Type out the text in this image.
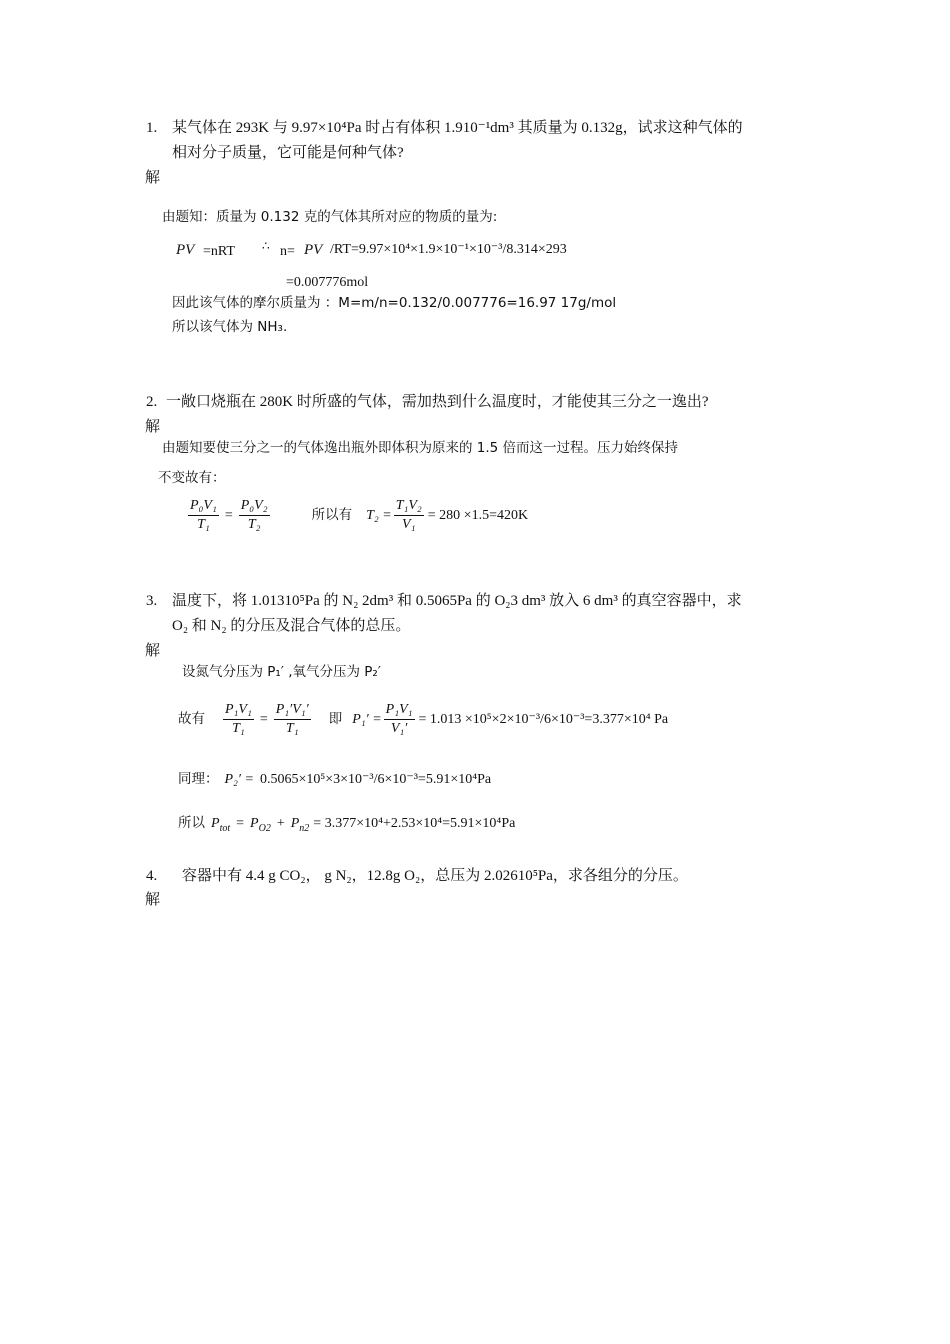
1. 某气体在 293K 与 9.97×10⁴Pa 时占有体积 1.910⁻¹dm³ 其质量为 0.132g，试求这种气体的
相对分子质量，它可能是何种气体?
解
由题知：质量为 0.132 克的气体其所对应的物质的量为:
PV =nRT ∴ n= PV /RT=9.97×10⁴×1.9×10⁻¹×10⁻³/8.314×293
=0.007776mol
因此该气体的摩尔质量为 ：M=m/n=0.132/0.007776=16.97 17g/mol
所以该气体为 NH₃.
2. 一敞口烧瓶在 280K 时所盛的气体，需加热到什么温度时，才能使其三分之一逸出?
解
由题知要使三分之一的气体逸出瓶外即体积为原来的 1.5 倍而这一过程。压力始终保持
不变故有：
$\frac{\text{P₀V₁}}{\text{T₁}} = \frac{\text{P₀V₂}}{\text{T₂}}$	所以有 $T_2 = \frac{\text{T₁V₂}}{\text{V₁}} = 280 \times 1.5=420K$
3. 温度下，将 1.01310⁵Pa 的 N₂ 2dm³ 和 0.5065Pa 的 O₂3 dm³ 放入 6 dm³ 的真空容器中，求
O₂ 和 N₂ 的分压及混合气体的总压。
解
设氮气分压为 P₁′ ,氧气分压为 P₂′
故有 $\frac{\text{P₁V₁}}{\text{T₁}} = \frac{\text{P₁′V₁′}}{\text{T₁}}$ 即 $P_1' = \frac{\text{P₁V₁}}{\text{V₁′}} = 1.013 \times 10^5\times 2\times 10^{-3}/6\times 10^{-3}=3.377\times 10^4$ Pa
同理： P₂′ = 0.5065×10⁵×3×10⁻³/6×10⁻³=5.91×10⁴Pa
所以 $P_{tot} = P_{O2} + P_{n2} = 3.377\times 10^4+2.53\times 10^4=5.91\times 10^4Pa$
4. 容器中有 4.4 g CO₂， g N₂，12.8g O₂，总压为 2.02610⁵Pa，求各组分的分压。
解
